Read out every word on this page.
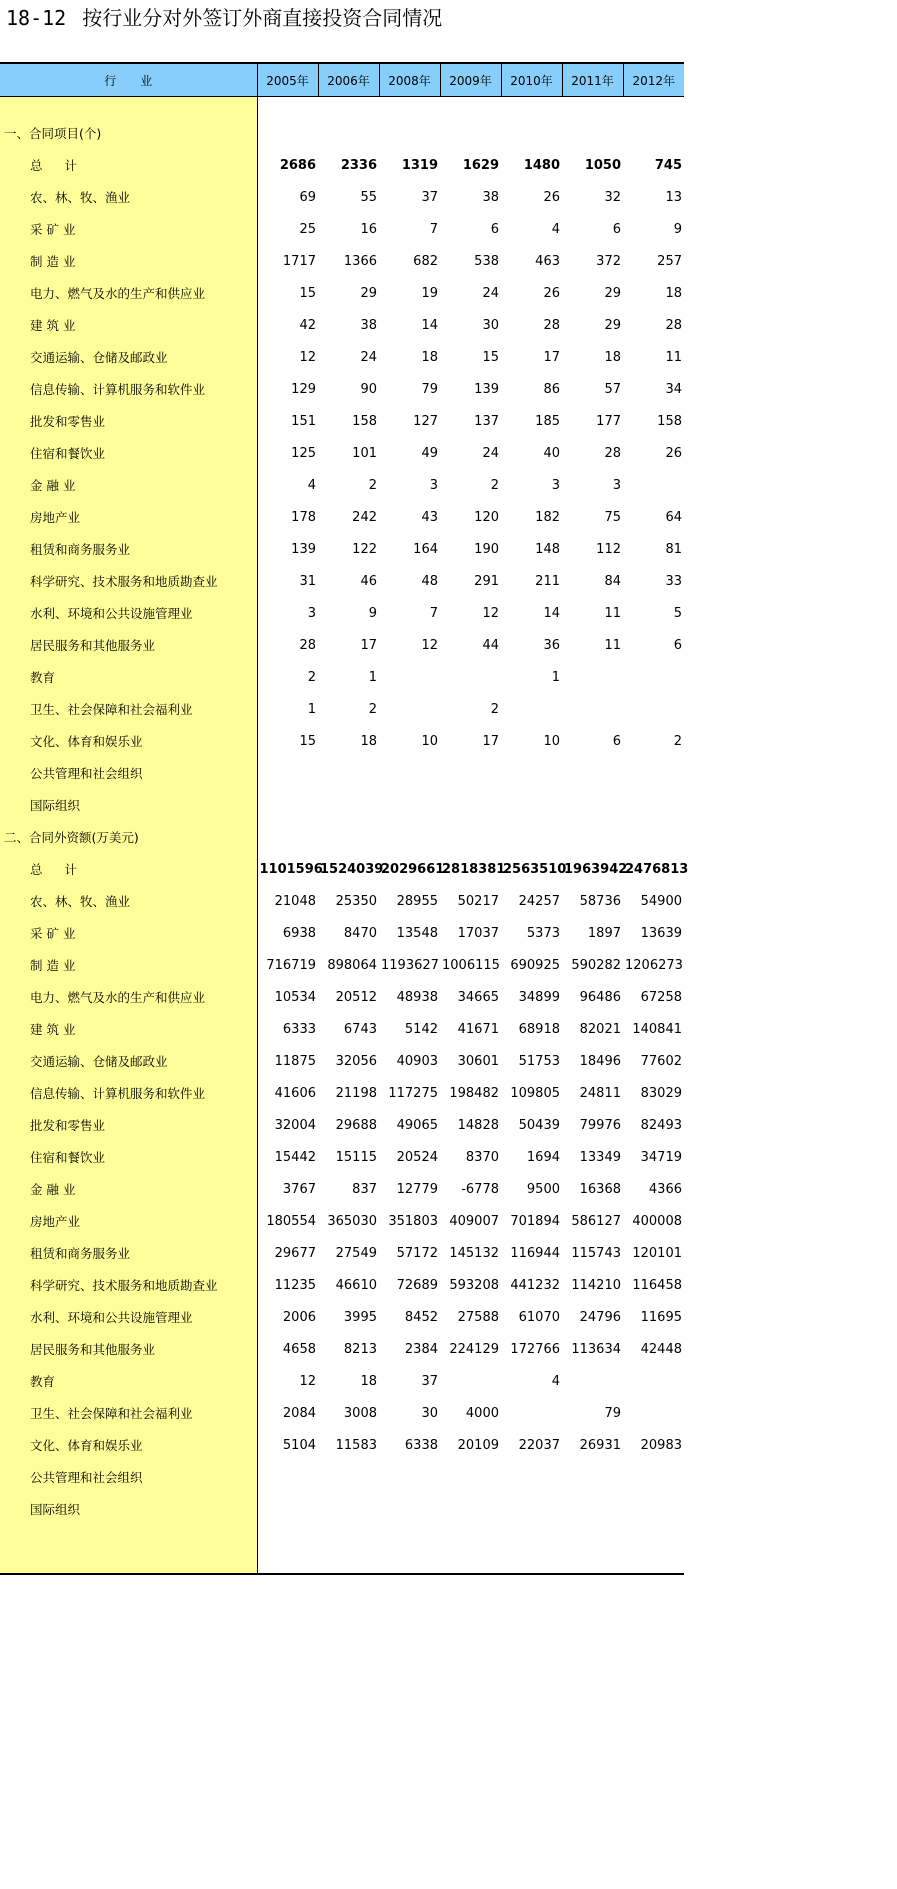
18-12 按行业分对外签订外商直接投资合同情况
行业	2005年	2006年	2008年	2009年	2010年	2011年	2012年

一、合同项目(个)							
总计	2686	2336	1319	1629	1480	1050	745
农、林、牧、渔业	69	55	37	38	26	32	13
采 矿 业	25	16	7	6	4	6	9
制 造 业	1717	1366	682	538	463	372	257
电力、燃气及水的生产和供应业	15	29	19	24	26	29	18
建 筑 业	42	38	14	30	28	29	28
交通运输、仓储及邮政业	12	24	18	15	17	18	11
信息传输、计算机服务和软件业	129	90	79	139	86	57	34
批发和零售业	151	158	127	137	185	177	158
住宿和餐饮业	125	101	49	24	40	28	26
金 融 业	4	2	3	2	3	3	
房地产业	178	242	43	120	182	75	64
租赁和商务服务业	139	122	164	190	148	112	81
科学研究、技术服务和地质勘查业	31	46	48	291	211	84	33
水利、环境和公共设施管理业	3	9	7	12	14	11	5
居民服务和其他服务业	28	17	12	44	36	11	6
教育	2	1			1		
卫生、社会保障和社会福利业	1	2		2			
文化、体育和娱乐业	15	18	10	17	10	6	2
公共管理和社会组织							
国际组织							
二、合同外资额(万美元)							
总计	1101596	1524039	2029661	2818381	2563510	1963942	2476813
农、林、牧、渔业	21048	25350	28955	50217	24257	58736	54900
采 矿 业	6938	8470	13548	17037	5373	1897	13639
制 造 业	716719	898064	1193627	1006115	690925	590282	1206273
电力、燃气及水的生产和供应业	10534	20512	48938	34665	34899	96486	67258
建 筑 业	6333	6743	5142	41671	68918	82021	140841
交通运输、仓储及邮政业	11875	32056	40903	30601	51753	18496	77602
信息传输、计算机服务和软件业	41606	21198	117275	198482	109805	24811	83029
批发和零售业	32004	29688	49065	14828	50439	79976	82493
住宿和餐饮业	15442	15115	20524	8370	1694	13349	34719
金 融 业	3767	837	12779	-6778	9500	16368	4366
房地产业	180554	365030	351803	409007	701894	586127	400008
租赁和商务服务业	29677	27549	57172	145132	116944	115743	120101
科学研究、技术服务和地质勘查业	11235	46610	72689	593208	441232	114210	116458
水利、环境和公共设施管理业	2006	3995	8452	27588	61070	24796	11695
居民服务和其他服务业	4658	8213	2384	224129	172766	113634	42448
教育	12	18	37		4		
卫生、社会保障和社会福利业	2084	3008	30	4000		79	
文化、体育和娱乐业	5104	11583	6338	20109	22037	26931	20983
公共管理和社会组织							
国际组织							
